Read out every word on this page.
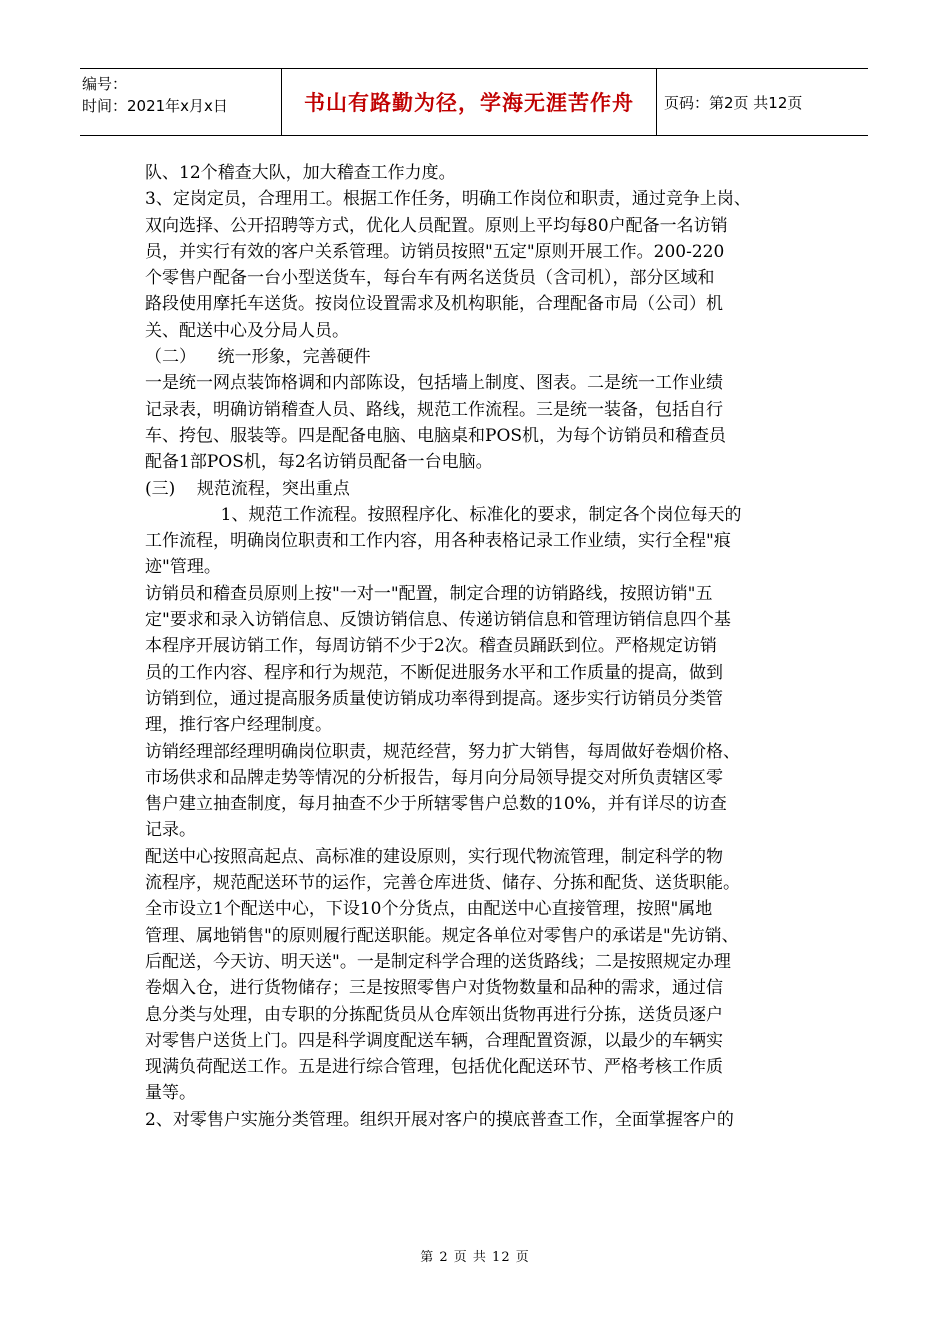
编号：
时间：2021年x月x日	书山有路勤为径，学海无涯苦作舟 页码：第2页 共12页
队、12个稽查大队，加大稽查工作力度。
3、定岗定员，合理用工。根据工作任务，明确工作岗位和职责，通过竞争上岗、
双向选择、公开招聘等方式，优化人员配置。原则上平均每80户配备一名访销
员，并实行有效的客户关系管理。访销员按照"五定"原则开展工作。200-220
个零售户配备一台小型送货车，每台车有两名送货员（含司机），部分区域和
路段使用摩托车送货。按岗位设置需求及机构职能，合理配备市局（公司）机
关、配送中心及分局人员。
（二）    统一形象，完善硬件
一是统一网点装饰格调和内部陈设，包括墙上制度、图表。二是统一工作业绩
记录表，明确访销稽查人员、路线，规范工作流程。三是统一装备，包括自行
车、挎包、服装等。四是配备电脑、电脑桌和POS机，为每个访销员和稽查员
配备1部POS机，每2名访销员配备一台电脑。
(三)    规范流程，突出重点
1、规范工作流程。按照程序化、标准化的要求，制定各个岗位每天的
工作流程，明确岗位职责和工作内容，用各种表格记录工作业绩，实行全程"痕
迹"管理。
访销员和稽查员原则上按"一对一"配置，制定合理的访销路线，按照访销"五
定"要求和录入访销信息、反馈访销信息、传递访销信息和管理访销信息四个基
本程序开展访销工作，每周访销不少于2次。稽查员踊跃到位。严格规定访销
员的工作内容、程序和行为规范，不断促进服务水平和工作质量的提高，做到
访销到位，通过提高服务质量使访销成功率得到提高。逐步实行访销员分类管
理，推行客户经理制度。
访销经理部经理明确岗位职责，规范经营，努力扩大销售，每周做好卷烟价格、
市场供求和品牌走势等情况的分析报告，每月向分局领导提交对所负责辖区零
售户建立抽查制度，每月抽查不少于所辖零售户总数的10%，并有详尽的访查
记录。
配送中心按照高起点、高标准的建设原则，实行现代物流管理，制定科学的物
流程序，规范配送环节的运作，完善仓库进货、储存、分拣和配货、送货职能。
全市设立1个配送中心，下设10个分货点，由配送中心直接管理，按照"属地
管理、属地销售"的原则履行配送职能。规定各单位对零售户的承诺是"先访销、
后配送，今天访、明天送"。一是制定科学合理的送货路线；二是按照规定办理
卷烟入仓，进行货物储存；三是按照零售户对货物数量和品种的需求，通过信
息分类与处理，由专职的分拣配货员从仓库领出货物再进行分拣，送货员逐户
对零售户送货上门。四是科学调度配送车辆，合理配置资源，以最少的车辆实
现满负荷配送工作。五是进行综合管理，包括优化配送环节、严格考核工作质
量等。
2、对零售户实施分类管理。组织开展对客户的摸底普查工作，全面掌握客户的
第 2 页 共 12 页
